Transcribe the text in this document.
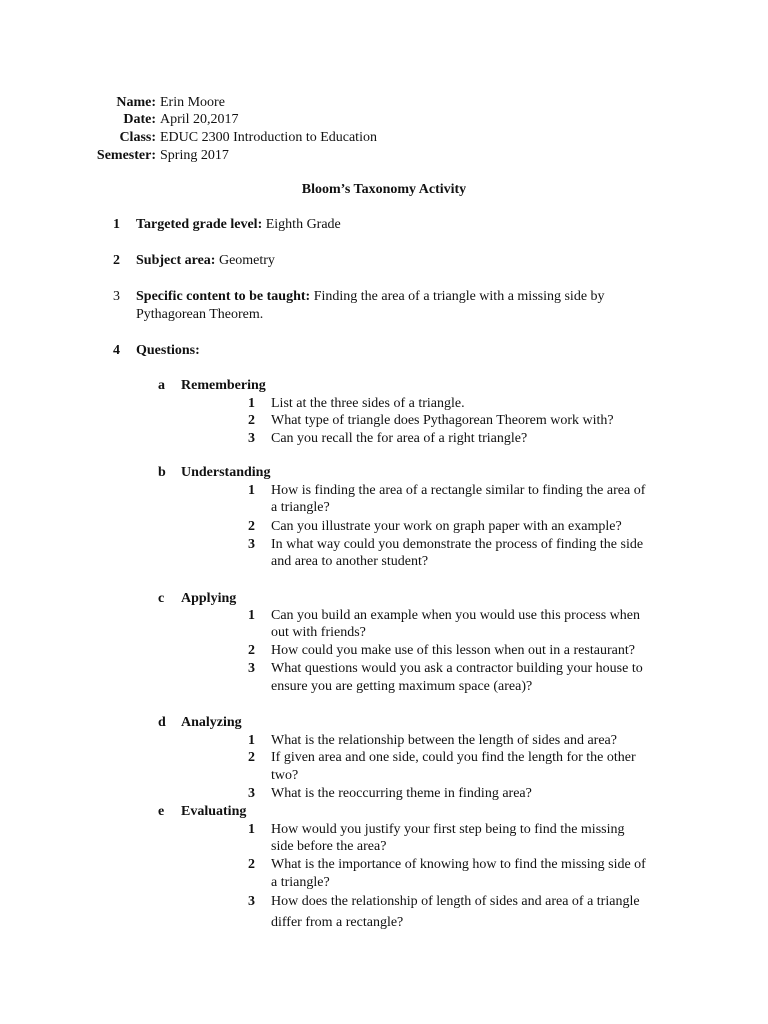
Name: Erin Moore
Date: April 20,2017
Class: EDUC 2300 Introduction to Education
Semester: Spring 2017
Bloom’s Taxonomy Activity
1 Targeted grade level: Eighth Grade
2 Subject area: Geometry
3 Specific content to be taught: Finding the area of a triangle with a missing side by
Pythagorean Theorem.
4 Questions:
a Remembering
1 List at the three sides of a triangle.
2 What type of triangle does Pythagorean Theorem work with?
3 Can you recall the for area of a right triangle?
b Understanding
1 How is finding the area of a rectangle similar to finding the area of
a triangle?
2 Can you illustrate your work on graph paper with an example?
3 In what way could you demonstrate the process of finding the side
and area to another student?
c Applying
1 Can you build an example when you would use this process when
out with friends?
2 How could you make use of this lesson when out in a restaurant?
3 What questions would you ask a contractor building your house to
ensure you are getting maximum space (area)?
d Analyzing
1 What is the relationship between the length of sides and area?
2 If given area and one side, could you find the length for the other
two?
3 What is the reoccurring theme in finding area?
e Evaluating
1 How would you justify your first step being to find the missing
side before the area?
2 What is the importance of knowing how to find the missing side of
a triangle?
3 How does the relationship of length of sides and area of a triangle
differ from a rectangle?
